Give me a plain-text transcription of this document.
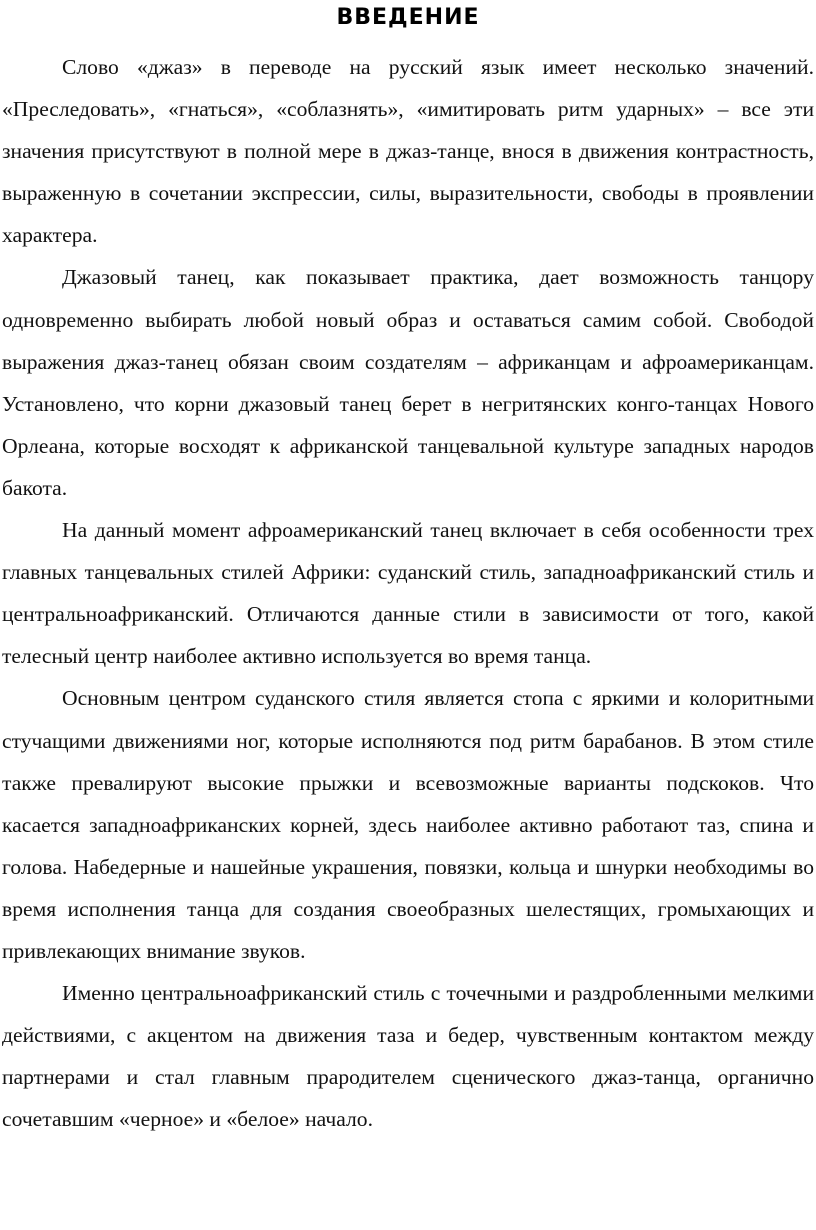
ВВЕДЕНИЕ

Слово «джаз» в переводе на русский язык имеет несколько значений. «Преследовать», «гнаться», «соблазнять», «имитировать ритм ударных» – все эти значения присутствуют в полной мере в джаз-танце, внося в движения контрастность, выраженную в сочетании экспрессии, силы, выразительности, свободы в проявлении характера.

Джазовый танец, как показывает практика, дает возможность танцору одновременно выбирать любой новый образ и оставаться самим собой. Свободой выражения джаз-танец обязан своим создателям – африканцам и афроамериканцам. Установлено, что корни джазовый танец берет в негритянских конго-танцах Нового Орлеана, которые восходят к африканской танцевальной культуре западных народов бакота.

На данный момент афроамериканский танец включает в себя особенности трех главных танцевальных стилей Африки: суданский стиль, западноафриканский стиль и центральноафриканский. Отличаются данные стили в зависимости от того, какой телесный центр наиболее активно используется во время танца.

Основным центром суданского стиля является стопа с яркими и колоритными стучащими движениями ног, которые исполняются под ритм барабанов. В этом стиле также превалируют высокие прыжки и всевозможные варианты подскоков. Что касается западноафриканских корней, здесь наиболее активно работают таз, спина и голова. Набедерные и нашейные украшения, повязки, кольца и шнурки необходимы во время исполнения танца для создания своеобразных шелестящих, громыхающих и привлекающих внимание звуков.

Именно центральноафриканский стиль с точечными и раздробленными мелкими действиями, с акцентом на движения таза и бедер, чувственным контактом между партнерами и стал главным прародителем сценического джаз-танца, органично сочетавшим «черное» и «белое» начало.
